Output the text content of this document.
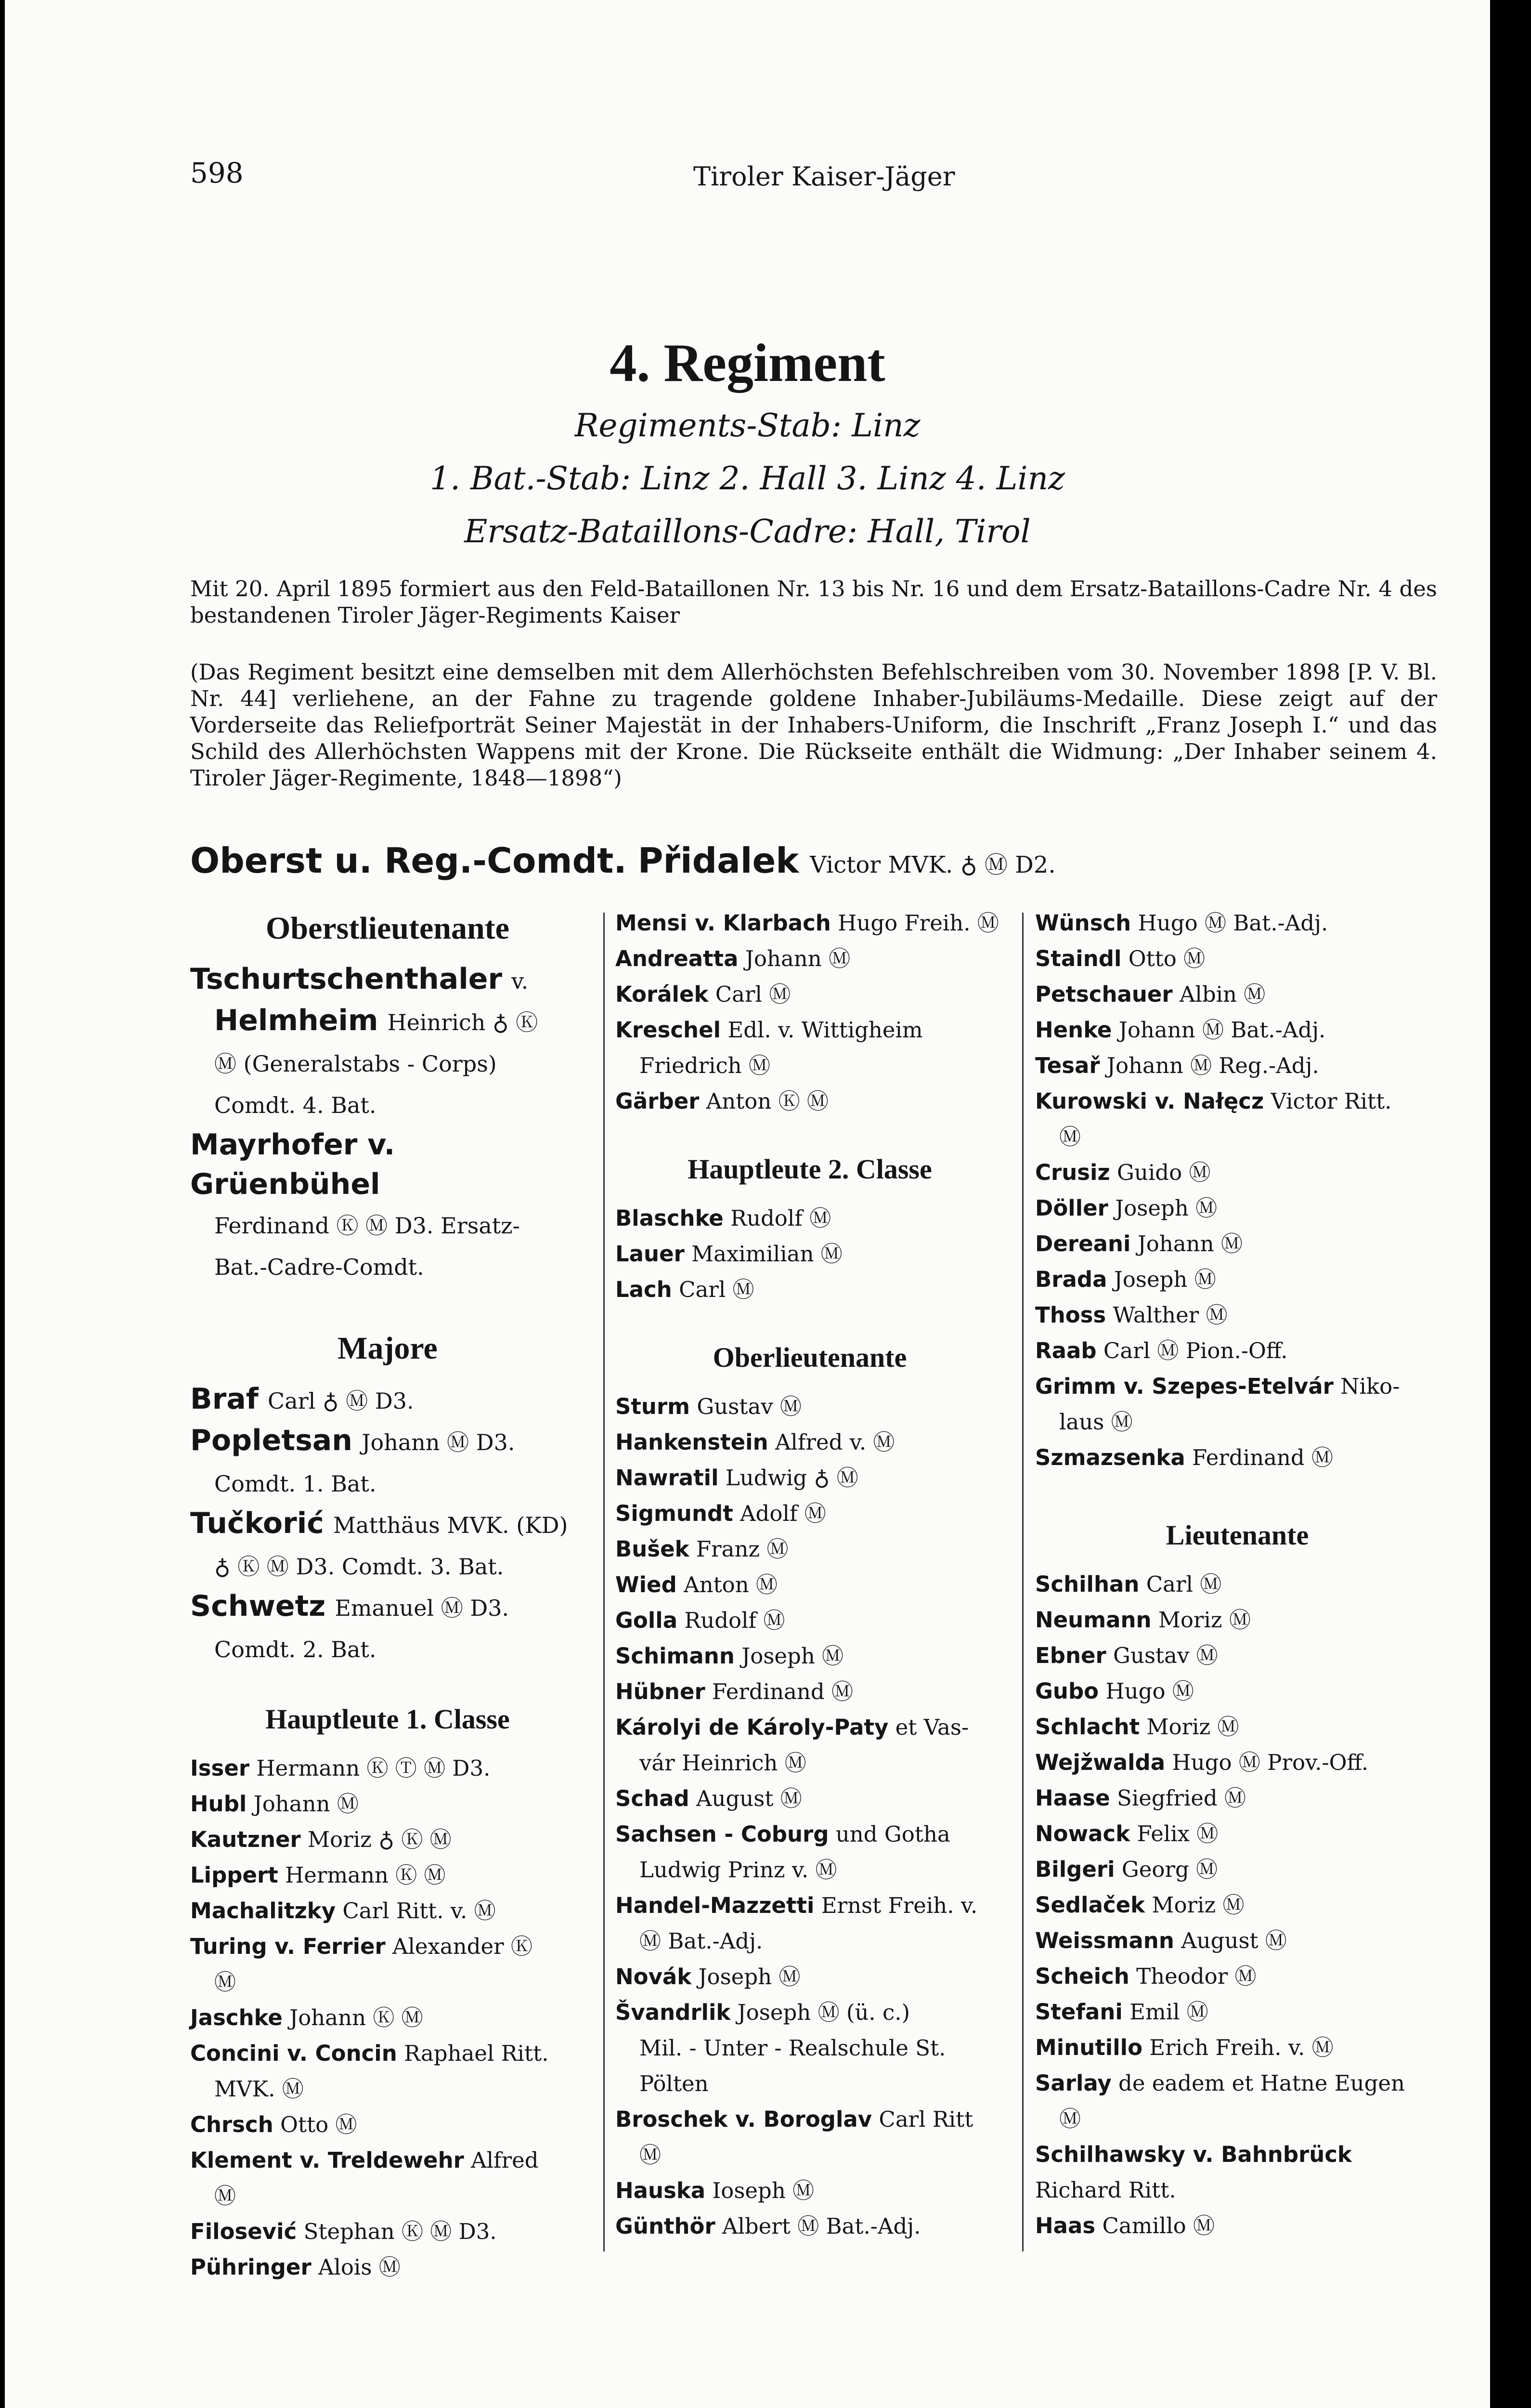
598	Tiroler Kaiser-Jäger
4. Regiment
Regiments-Stab: Linz
1. Bat.-Stab: Linz 2. Hall 3. Linz 4. Linz
Ersatz-Bataillons-Cadre: Hall, Tirol
Mit 20. April 1895 formiert aus den Feld-Bataillonen Nr. 13 bis Nr. 16 und dem Ersatz-Bataillons-Cadre Nr. 4 des bestandenen Tiroler Jäger-Regiments Kaiser
(Das Regiment besitzt eine demselben mit dem Allerhöchsten Befehlschreiben vom 30. November 1898 [P. V. Bl. Nr. 44] verliehene, an der Fahne zu tragende goldene Inhaber-Jubiläums-Medaille. Diese zeigt auf der Vorderseite das Reliefporträt Seiner Majestät in der Inhabers-Uniform, die Inschrift „Franz Joseph I.“ und das Schild des Allerhöchsten Wappens mit der Krone. Die Rückseite enthält die Widmung: „Der Inhaber seinem 4. Tiroler Jäger-Regimente, 1848—1898“)
Oberst u. Reg.-Comdt. Přidalek Victor MVK. ♁ Ⓜ D2.
Oberstlieutenante
Tschurtschenthaler v.
Helmheim Heinrich ♁ Ⓚ
Ⓜ (Generalstabs - Corps)
Comdt. 4. Bat.
Mayrhofer v. Grüenbühel
Ferdinand Ⓚ Ⓜ D3. Ersatz-
Bat.-Cadre-Comdt.
Majore
Braf Carl ♁ Ⓜ D3.
Popletsan Johann Ⓜ D3.
Comdt. 1. Bat.
Tučkorić Matthäus MVK. (KD)
♁ Ⓚ Ⓜ D3. Comdt. 3. Bat.
Schwetz Emanuel Ⓜ D3.
Comdt. 2. Bat.
Hauptleute 1. Classe
Isser Hermann Ⓚ Ⓣ Ⓜ D3.
Hubl Johann Ⓜ
Kautzner Moriz ♁ Ⓚ Ⓜ
Lippert Hermann Ⓚ Ⓜ
Machalitzky Carl Ritt. v. Ⓜ
Turing v. Ferrier Alexander Ⓚ
Ⓜ
Jaschke Johann Ⓚ Ⓜ
Concini v. Concin Raphael Ritt.
MVK. Ⓜ
Chrsch Otto Ⓜ
Klement v. Treldewehr Alfred
Ⓜ
Filosević Stephan Ⓚ Ⓜ D3.
Pühringer Alois Ⓜ
Mensi v. Klarbach Hugo Freih. Ⓜ
Andreatta Johann Ⓜ
Korálek Carl Ⓜ
Kreschel Edl. v. Wittigheim
Friedrich Ⓜ
Gärber Anton Ⓚ Ⓜ
Hauptleute 2. Classe
Blaschke Rudolf Ⓜ
Lauer Maximilian Ⓜ
Lach Carl Ⓜ
Oberlieutenante
Sturm Gustav Ⓜ
Hankenstein Alfred v. Ⓜ
Nawratil Ludwig ♁ Ⓜ
Sigmundt Adolf Ⓜ
Bušek Franz Ⓜ
Wied Anton Ⓜ
Golla Rudolf Ⓜ
Schimann Joseph Ⓜ
Hübner Ferdinand Ⓜ
Károlyi de Károly-Paty et Vas-
vár Heinrich Ⓜ
Schad August Ⓜ
Sachsen - Coburg und Gotha
Ludwig Prinz v. Ⓜ
Handel-Mazzetti Ernst Freih. v.
Ⓜ Bat.-Adj.
Novák Joseph Ⓜ
Švandrlik Joseph Ⓜ (ü. c.)
Mil. - Unter - Realschule St.
Pölten
Broschek v. Boroglav Carl Ritt
Ⓜ
Hauska Ioseph Ⓜ
Günthör Albert Ⓜ Bat.-Adj.
Wünsch Hugo Ⓜ Bat.-Adj.
Staindl Otto Ⓜ
Petschauer Albin Ⓜ
Henke Johann Ⓜ Bat.-Adj.
Tesař Johann Ⓜ Reg.-Adj.
Kurowski v. Nałęcz Victor Ritt.
Ⓜ
Crusiz Guido Ⓜ
Döller Joseph Ⓜ
Dereani Johann Ⓜ
Brada Joseph Ⓜ
Thoss Walther Ⓜ
Raab Carl Ⓜ Pion.-Off.
Grimm v. Szepes-Etelvár Niko-
laus Ⓜ
Szmazsenka Ferdinand Ⓜ
Lieutenante
Schilhan Carl Ⓜ
Neumann Moriz Ⓜ
Ebner Gustav Ⓜ
Gubo Hugo Ⓜ
Schlacht Moriz Ⓜ
Wejžwalda Hugo Ⓜ Prov.-Off.
Haase Siegfried Ⓜ
Nowack Felix Ⓜ
Bilgeri Georg Ⓜ
Sedlaček Moriz Ⓜ
Weissmann August Ⓜ
Scheich Theodor Ⓜ
Stefani Emil Ⓜ
Minutillo Erich Freih. v. Ⓜ
Sarlay de eadem et Hatne Eugen
Ⓜ
Schilhawsky v. Bahnbrück Richard Ritt.
Haas Camillo Ⓜ
